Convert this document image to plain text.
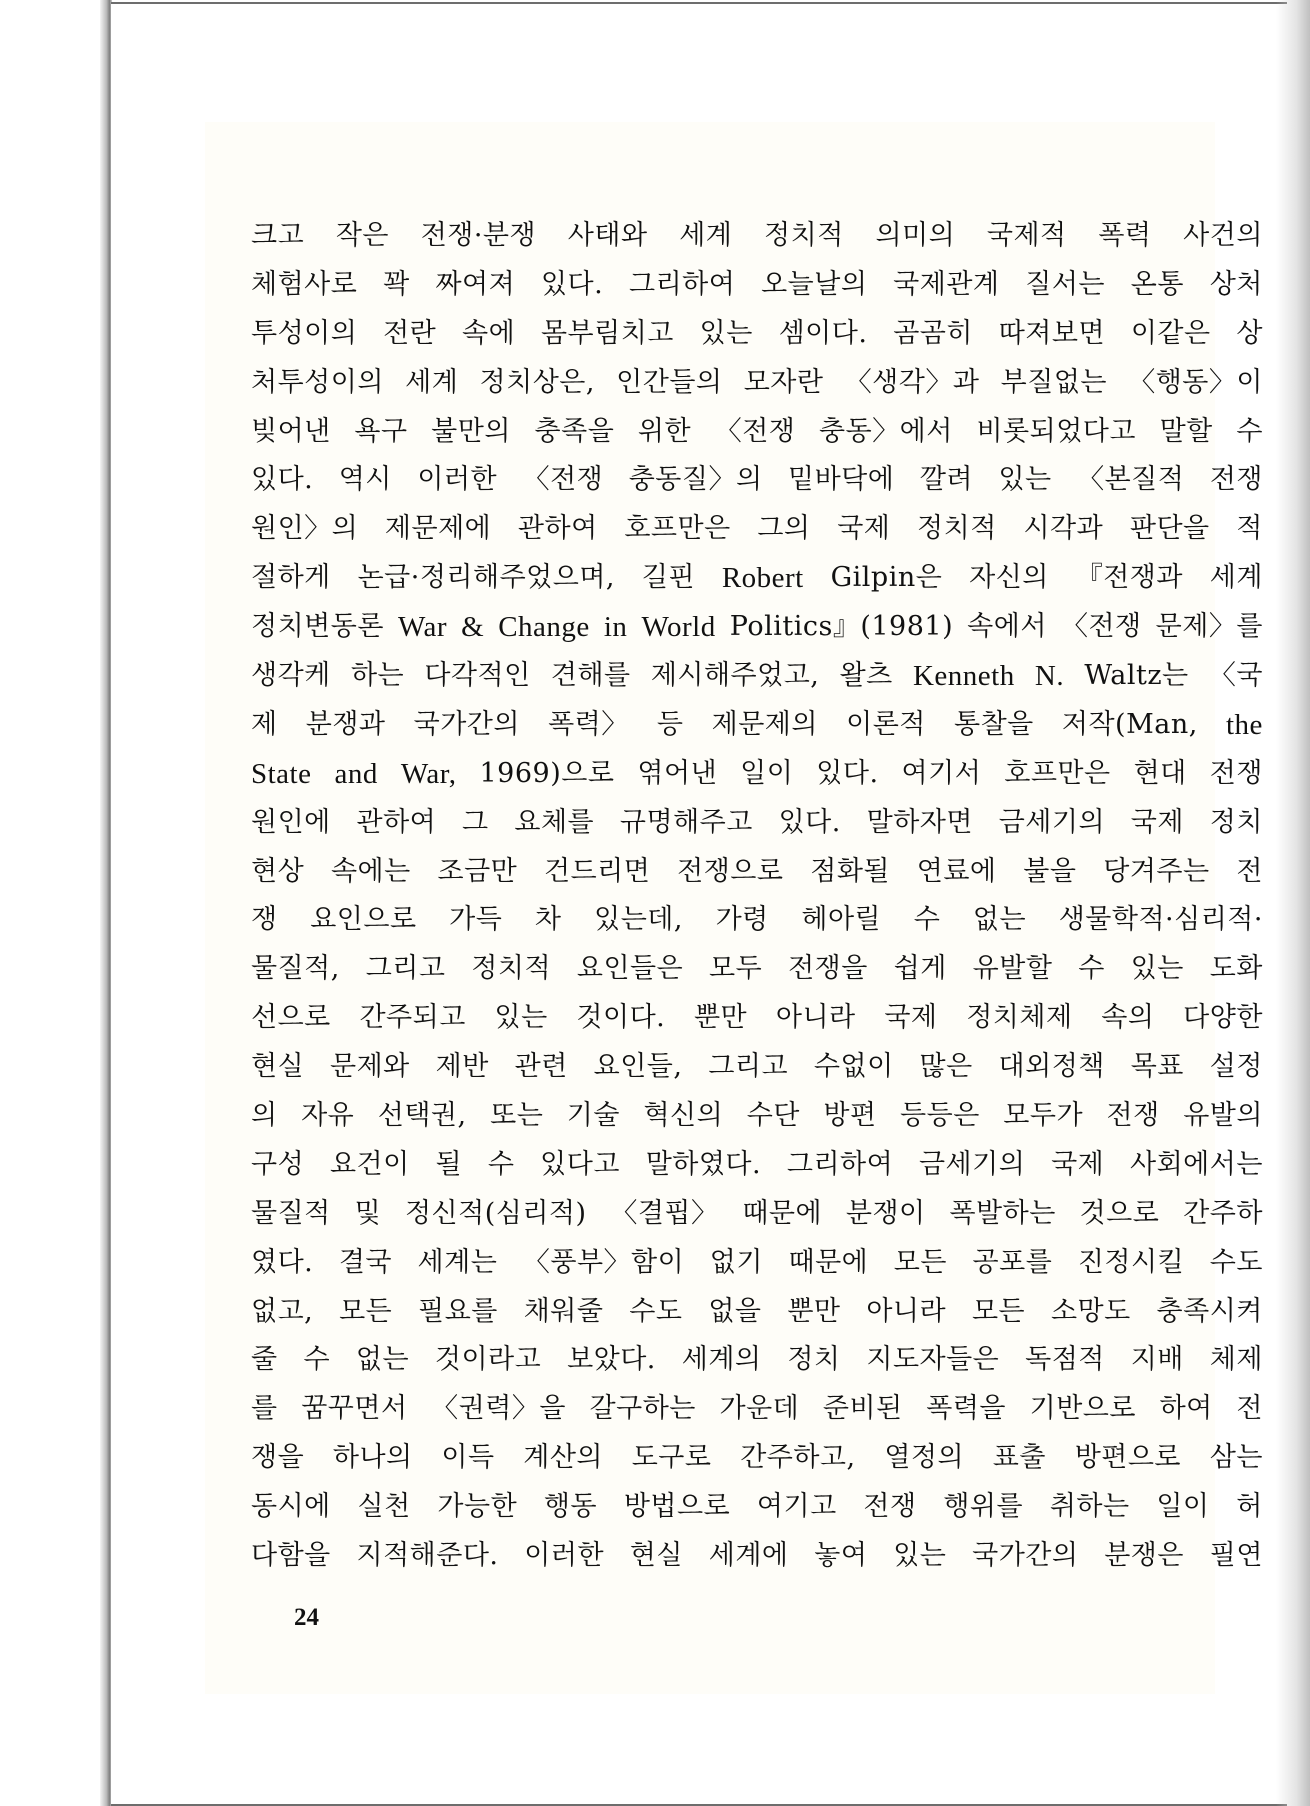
크고 작은 전쟁·분쟁 사태와 세계 정치적 의미의 국제적 폭력 사건의
체험사로 꽉 짜여져 있다. 그리하여 오늘날의 국제관계 질서는 온통 상처
투성이의 전란 속에 몸부림치고 있는 셈이다. 곰곰히 따져보면 이같은 상
처투성이의 세계 정치상은, 인간들의 모자란 〈생각〉과 부질없는 〈행동〉이
빚어낸 욕구 불만의 충족을 위한 〈전쟁 충동〉에서 비롯되었다고 말할 수
있다. 역시 이러한 〈전쟁 충동질〉의 밑바닥에 깔려 있는 〈본질적 전쟁
원인〉의 제문제에 관하여 호프만은 그의 국제 정치적 시각과 판단을 적
절하게 논급·정리해주었으며, 길핀 Robert Gilpin은 자신의 『전쟁과 세계
정치변동론 War & Change in World Politics』(1981) 속에서 〈전쟁 문제〉를
생각케 하는 다각적인 견해를 제시해주었고, 왈츠 Kenneth N. Waltz는 〈국
제 분쟁과 국가간의 폭력〉 등 제문제의 이론적 통찰을 저작(Man, the
State and War, 1969)으로 엮어낸 일이 있다. 여기서 호프만은 현대 전쟁
원인에 관하여 그 요체를 규명해주고 있다. 말하자면 금세기의 국제 정치
현상 속에는 조금만 건드리면 전쟁으로 점화될 연료에 불을 당겨주는 전
쟁 요인으로 가득 차 있는데, 가령 헤아릴 수 없는 생물학적·심리적·
물질적, 그리고 정치적 요인들은 모두 전쟁을 쉽게 유발할 수 있는 도화
선으로 간주되고 있는 것이다. 뿐만 아니라 국제 정치체제 속의 다양한
현실 문제와 제반 관련 요인들, 그리고 수없이 많은 대외정책 목표 설정
의 자유 선택권, 또는 기술 혁신의 수단 방편 등등은 모두가 전쟁 유발의
구성 요건이 될 수 있다고 말하였다. 그리하여 금세기의 국제 사회에서는
물질적 및 정신적(심리적) 〈결핍〉 때문에 분쟁이 폭발하는 것으로 간주하
였다. 결국 세계는 〈풍부〉함이 없기 때문에 모든 공포를 진정시킬 수도
없고, 모든 필요를 채워줄 수도 없을 뿐만 아니라 모든 소망도 충족시켜
줄 수 없는 것이라고 보았다. 세계의 정치 지도자들은 독점적 지배 체제
를 꿈꾸면서 〈권력〉을 갈구하는 가운데 준비된 폭력을 기반으로 하여 전
쟁을 하나의 이득 계산의 도구로 간주하고, 열정의 표출 방편으로 삼는
동시에 실천 가능한 행동 방법으로 여기고 전쟁 행위를 취하는 일이 허
다함을 지적해준다. 이러한 현실 세계에 놓여 있는 국가간의 분쟁은 필연
24
